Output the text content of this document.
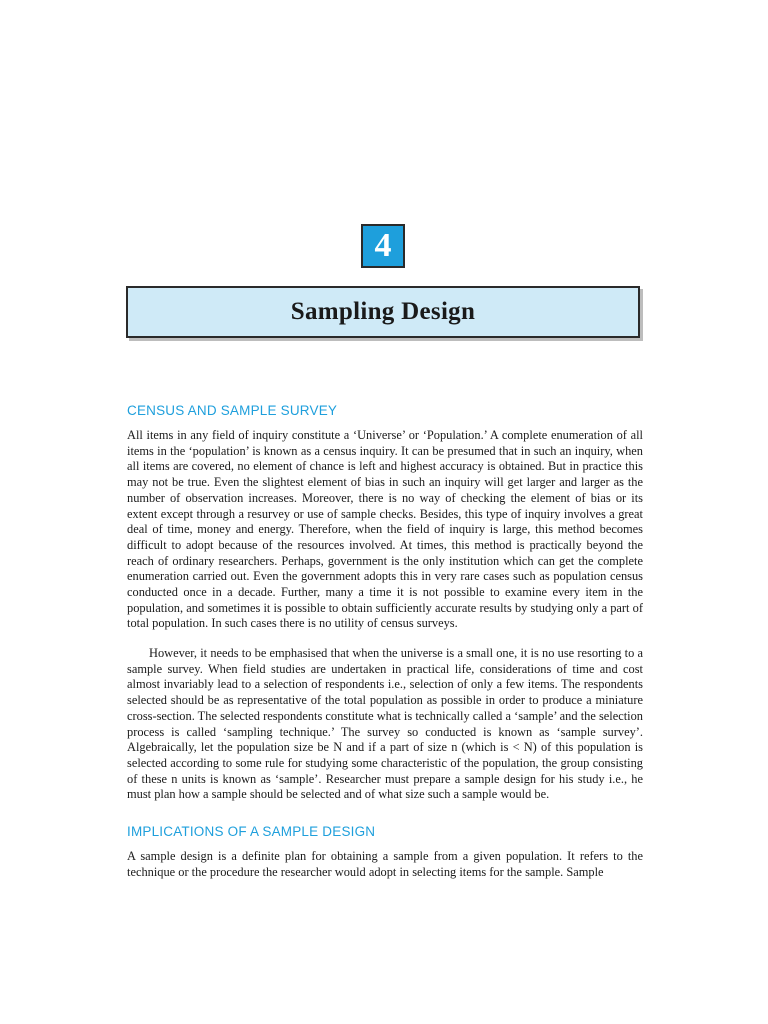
4
Sampling Design
CENSUS AND SAMPLE SURVEY

All items in any field of inquiry constitute a ‘Universe’ or ‘Population.’ A complete enumeration of all items in the ‘population’ is known as a census inquiry. It can be presumed that in such an inquiry, when all items are covered, no element of chance is left and highest accuracy is obtained. But in practice this may not be true. Even the slightest element of bias in such an inquiry will get larger and larger as the number of observation increases. Moreover, there is no way of checking the element of bias or its extent except through a resurvey or use of sample checks. Besides, this type of inquiry involves a great deal of time, money and energy. Therefore, when the field of inquiry is large, this method becomes difficult to adopt because of the resources involved. At times, this method is practically beyond the reach of ordinary researchers. Perhaps, government is the only institution which can get the complete enumeration carried out. Even the government adopts this in very rare cases such as population census conducted once in a decade. Further, many a time it is not possible to examine every item in the population, and sometimes it is possible to obtain sufficiently accurate results by studying only a part of total population. In such cases there is no utility of census surveys.

However, it needs to be emphasised that when the universe is a small one, it is no use resorting to a sample survey. When field studies are undertaken in practical life, considerations of time and cost almost invariably lead to a selection of respondents i.e., selection of only a few items. The respondents selected should be as representative of the total population as possible in order to produce a miniature cross-section. The selected respondents constitute what is technically called a ‘sample’ and the selection process is called ‘sampling technique.’ The survey so conducted is known as ‘sample survey’. Algebraically, let the population size be N and if a part of size n (which is < N) of this population is selected according to some rule for studying some characteristic of the population, the group consisting of these n units is known as ‘sample’. Researcher must prepare a sample design for his study i.e., he must plan how a sample should be selected and of what size such a sample would be.

IMPLICATIONS OF A SAMPLE DESIGN

A sample design is a definite plan for obtaining a sample from a given population. It refers to the technique or the procedure the researcher would adopt in selecting items for the sample. Sample
